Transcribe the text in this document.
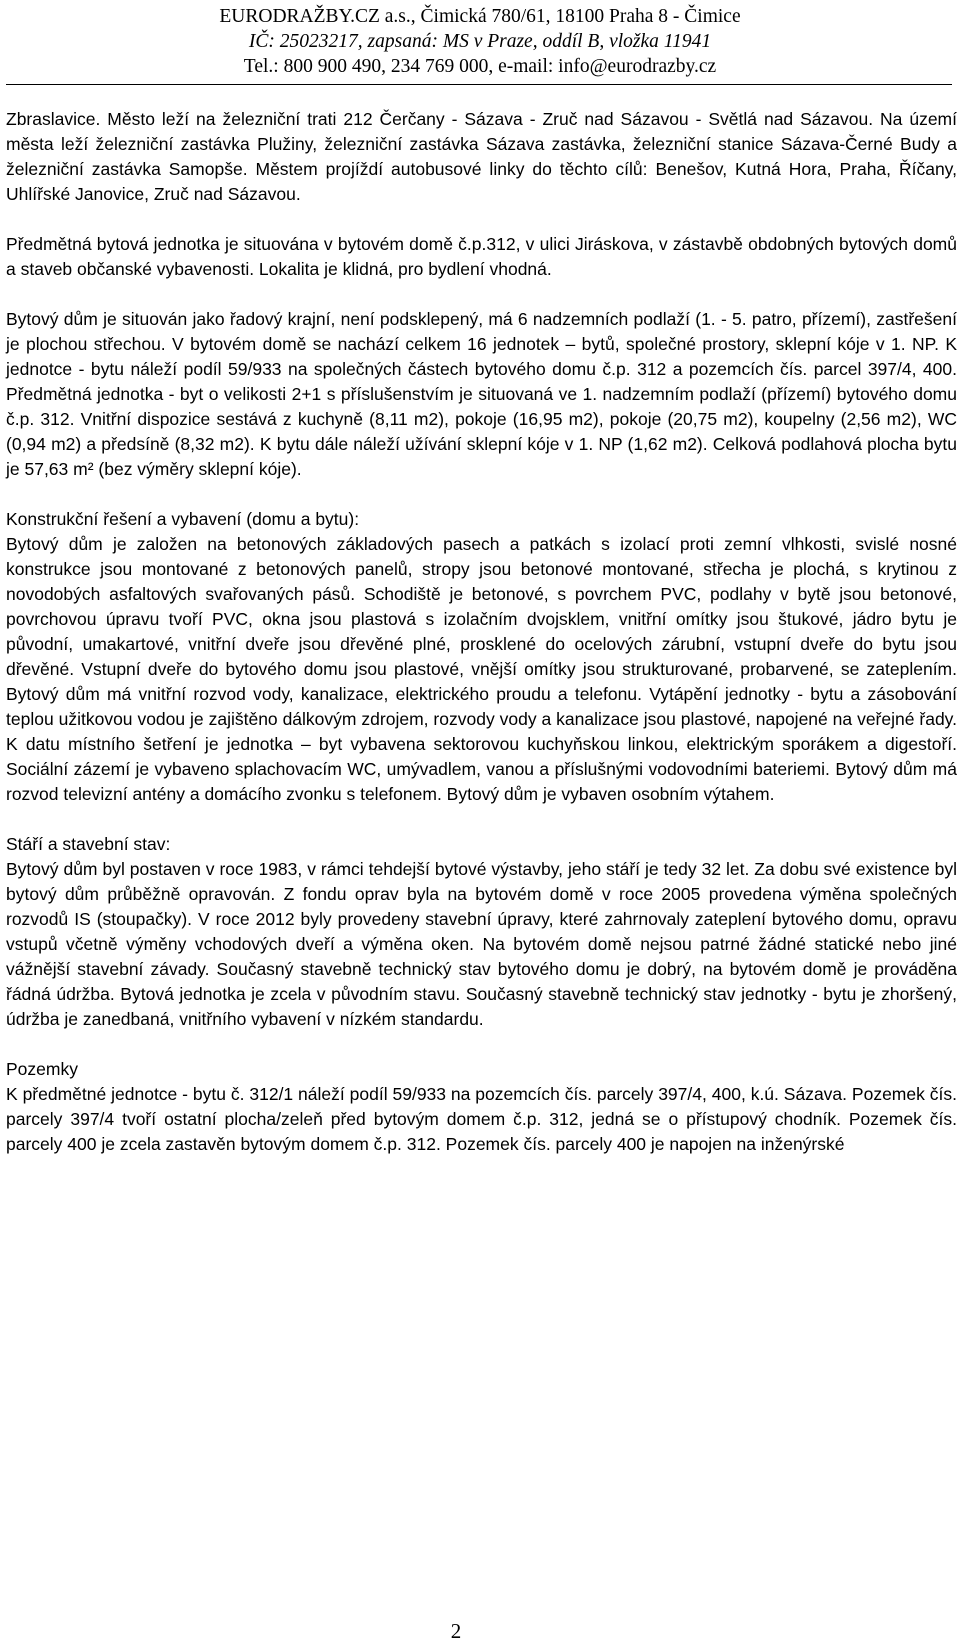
EURODRAŽBY.CZ a.s., Čimická 780/61, 18100 Praha 8 - Čimice
IČ: 25023217, zapsaná: MS v Praze, oddíl B, vložka 11941
Tel.: 800 900 490, 234 769 000, e-mail: info@eurodrazby.cz

Zbraslavice. Město leží na železniční trati 212 Čerčany - Sázava - Zruč nad Sázavou - Světlá nad Sázavou. Na území města leží železniční zastávka Plužiny, železniční zastávka Sázava zastávka, železniční stanice Sázava-Černé Budy a železniční zastávka Samopše. Městem projíždí autobusové linky do těchto cílů: Benešov, Kutná Hora, Praha, Říčany, Uhlířské Janovice, Zruč nad Sázavou.

Předmětná bytová jednotka je situována v bytovém domě č.p.312, v ulici Jiráskova, v zástavbě obdobných bytových domů a staveb občanské vybavenosti. Lokalita je klidná, pro bydlení vhodná.

Bytový dům je situován jako řadový krajní, není podsklepený, má 6 nadzemních podlaží (1. - 5. patro, přízemí), zastřešení je plochou střechou. V bytovém domě se nachází celkem 16 jednotek – bytů, společné prostory, sklepní kóje v 1. NP. K jednotce - bytu náleží podíl 59/933 na společných částech bytového domu č.p. 312 a pozemcích čís. parcel 397/4, 400. Předmětná jednotka - byt o velikosti 2+1 s příslušenstvím je situovaná ve 1. nadzemním podlaží (přízemí) bytového domu č.p. 312. Vnitřní dispozice sestává z kuchyně (8,11 m2), pokoje (16,95 m2), pokoje (20,75 m2), koupelny (2,56 m2), WC (0,94 m2) a předsíně (8,32 m2). K bytu dále náleží užívání sklepní kóje v 1. NP (1,62 m2). Celková podlahová plocha bytu je 57,63 m² (bez výměry sklepní kóje).

Konstrukční řešení a vybavení (domu a bytu):
Bytový dům je založen na betonových základových pasech a patkách s izolací proti zemní vlhkosti, svislé nosné konstrukce jsou montované z betonových panelů, stropy jsou betonové montované, střecha je plochá, s krytinou z novodobých asfaltových svařovaných pásů. Schodiště je betonové, s povrchem PVC, podlahy v bytě jsou betonové, povrchovou úpravu tvoří PVC, okna jsou plastová s izolačním dvojsklem, vnitřní omítky jsou štukové, jádro bytu je původní, umakartové, vnitřní dveře jsou dřevěné plné, prosklené do ocelových zárubní, vstupní dveře do bytu jsou dřevěné. Vstupní dveře do bytového domu jsou plastové, vnější omítky jsou strukturované, probarvené, se zateplením. Bytový dům má vnitřní rozvod vody, kanalizace, elektrického proudu a telefonu. Vytápění jednotky - bytu a zásobování teplou užitkovou vodou je zajištěno dálkovým zdrojem, rozvody vody a kanalizace jsou plastové, napojené na veřejné řady. K datu místního šetření je jednotka – byt vybavena sektorovou kuchyňskou linkou, elektrickým sporákem a digestoří. Sociální zázemí je vybaveno splachovacím WC, umývadlem, vanou a příslušnými vodovodními bateriemi. Bytový dům má rozvod televizní antény a domácího zvonku s telefonem. Bytový dům je vybaven osobním výtahem.
Stáří a stavební stav:
Bytový dům byl postaven v roce 1983, v rámci tehdejší bytové výstavby, jeho stáří je tedy 32 let. Za dobu své existence byl bytový dům průběžně opravován. Z fondu oprav byla na bytovém domě v roce 2005 provedena výměna společných rozvodů IS (stoupačky). V roce 2012 byly provedeny stavební úpravy, které zahrnovaly zateplení bytového domu, opravu vstupů včetně výměny vchodových dveří a výměna oken. Na bytovém domě nejsou patrné žádné statické nebo jiné vážnější stavební závady. Současný stavebně technický stav bytového domu je dobrý, na bytovém domě je prováděna řádná údržba. Bytová jednotka je zcela v původním stavu. Současný stavebně technický stav jednotky - bytu je zhoršený, údržba je zanedbaná, vnitřního vybavení v nízkém standardu.
Pozemky
K předmětné jednotce - bytu č. 312/1 náleží podíl 59/933 na pozemcích čís. parcely 397/4, 400, k.ú. Sázava. Pozemek čís. parcely 397/4 tvoří ostatní plocha/zeleň před bytovým domem č.p. 312, jedná se o přístupový chodník. Pozemek čís. parcely 400 je zcela zastavěn bytovým domem č.p. 312. Pozemek čís. parcely 400 je napojen na inženýrské
2
